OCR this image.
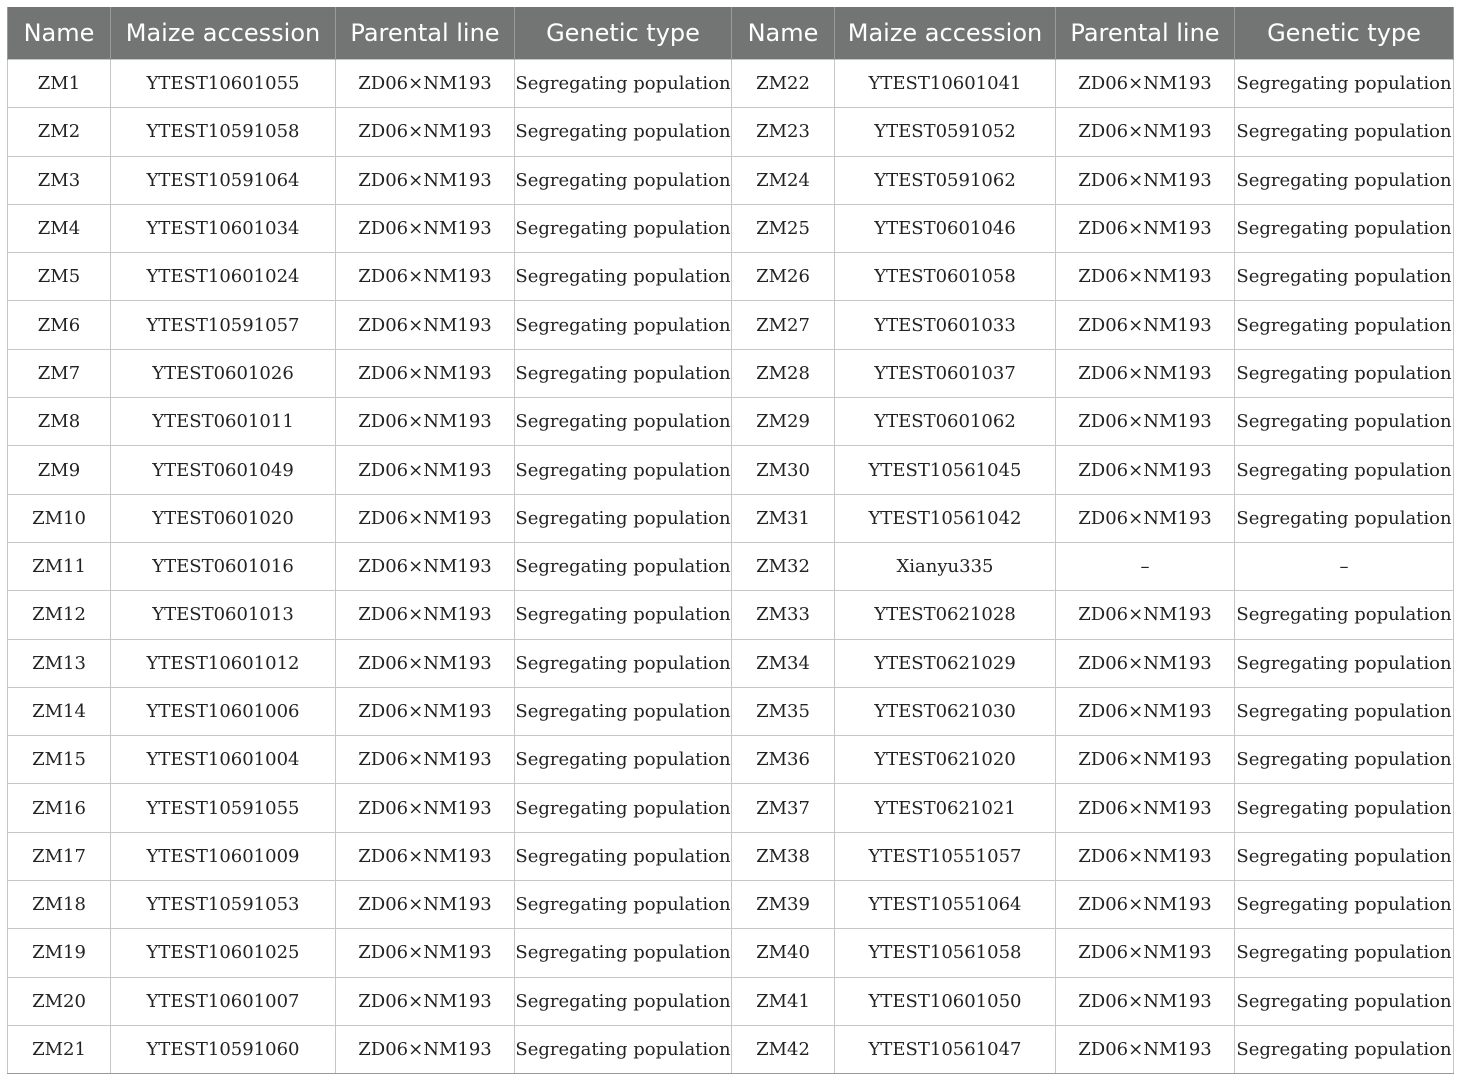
Name	Maize accession	Parental line	Genetic type	Name	Maize accession	Parental line	Genetic type
ZM1	YTEST10601055	ZD06×NM193	Segregating population	ZM22	YTEST10601041	ZD06×NM193	Segregating population
ZM2	YTEST10591058	ZD06×NM193	Segregating population	ZM23	YTEST0591052	ZD06×NM193	Segregating population
ZM3	YTEST10591064	ZD06×NM193	Segregating population	ZM24	YTEST0591062	ZD06×NM193	Segregating population
ZM4	YTEST10601034	ZD06×NM193	Segregating population	ZM25	YTEST0601046	ZD06×NM193	Segregating population
ZM5	YTEST10601024	ZD06×NM193	Segregating population	ZM26	YTEST0601058	ZD06×NM193	Segregating population
ZM6	YTEST10591057	ZD06×NM193	Segregating population	ZM27	YTEST0601033	ZD06×NM193	Segregating population
ZM7	YTEST0601026	ZD06×NM193	Segregating population	ZM28	YTEST0601037	ZD06×NM193	Segregating population
ZM8	YTEST0601011	ZD06×NM193	Segregating population	ZM29	YTEST0601062	ZD06×NM193	Segregating population
ZM9	YTEST0601049	ZD06×NM193	Segregating population	ZM30	YTEST10561045	ZD06×NM193	Segregating population
ZM10	YTEST0601020	ZD06×NM193	Segregating population	ZM31	YTEST10561042	ZD06×NM193	Segregating population
ZM11	YTEST0601016	ZD06×NM193	Segregating population	ZM32	Xianyu335	–	–
ZM12	YTEST0601013	ZD06×NM193	Segregating population	ZM33	YTEST0621028	ZD06×NM193	Segregating population
ZM13	YTEST10601012	ZD06×NM193	Segregating population	ZM34	YTEST0621029	ZD06×NM193	Segregating population
ZM14	YTEST10601006	ZD06×NM193	Segregating population	ZM35	YTEST0621030	ZD06×NM193	Segregating population
ZM15	YTEST10601004	ZD06×NM193	Segregating population	ZM36	YTEST0621020	ZD06×NM193	Segregating population
ZM16	YTEST10591055	ZD06×NM193	Segregating population	ZM37	YTEST0621021	ZD06×NM193	Segregating population
ZM17	YTEST10601009	ZD06×NM193	Segregating population	ZM38	YTEST10551057	ZD06×NM193	Segregating population
ZM18	YTEST10591053	ZD06×NM193	Segregating population	ZM39	YTEST10551064	ZD06×NM193	Segregating population
ZM19	YTEST10601025	ZD06×NM193	Segregating population	ZM40	YTEST10561058	ZD06×NM193	Segregating population
ZM20	YTEST10601007	ZD06×NM193	Segregating population	ZM41	YTEST10601050	ZD06×NM193	Segregating population
ZM21	YTEST10591060	ZD06×NM193	Segregating population	ZM42	YTEST10561047	ZD06×NM193	Segregating population
